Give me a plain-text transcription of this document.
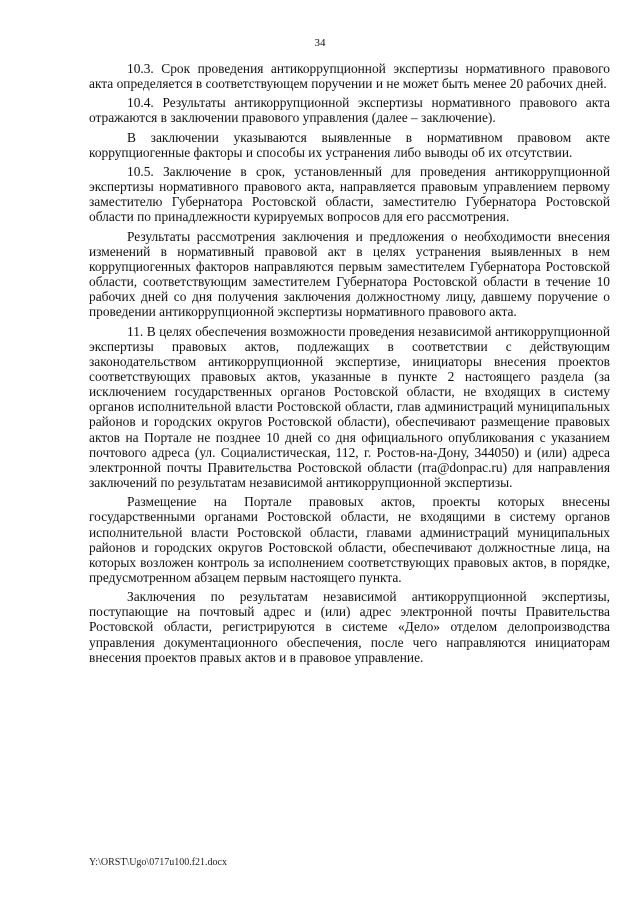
34

10.3. Срок проведения антикоррупционной экспертизы нормативного правового акта определяется в соответствующем поручении и не может быть менее 20 рабочих дней.

10.4. Результаты антикоррупционной экспертизы нормативного правового акта отражаются в заключении правового управления (далее – заключение).

В заключении указываются выявленные в нормативном правовом акте коррупциогенные факторы и способы их устранения либо выводы об их отсутствии.

10.5. Заключение в срок, установленный для проведения антикоррупционной экспертизы нормативного правового акта, направляется правовым управлением первому заместителю Губернатора Ростовской области, заместителю Губернатора Ростовской области по принадлежности курируемых вопросов для его рассмотрения.

Результаты рассмотрения заключения и предложения о необходимости внесения изменений в нормативный правовой акт в целях устранения выявленных в нем коррупциогенных факторов направляются первым заместителем Губернатора Ростовской области, соответствующим заместителем Губернатора Ростовской области в течение 10 рабочих дней со дня получения заключения должностному лицу, давшему поручение о проведении антикоррупционной экспертизы нормативного правового акта.

11. В целях обеспечения возможности проведения независимой антикоррупционной экспертизы правовых актов, подлежащих в соответствии с действующим законодательством антикоррупционной экспертизе, инициаторы внесения проектов соответствующих правовых актов, указанные в пункте 2 настоящего раздела (за исключением государственных органов Ростовской области, не входящих в систему органов исполнительной власти Ростовской области, глав администраций муниципальных районов и городских округов Ростовской области), обеспечивают размещение правовых актов на Портале не позднее 10 дней со дня официального опубликования с указанием почтового адреса (ул. Социалистическая, 112, г. Ростов-на-Дону, 344050) и (или) адреса электронной почты Правительства Ростовской области (rra@donpac.ru) для направления заключений по результатам независимой антикоррупционной экспертизы.

Размещение на Портале правовых актов, проекты которых внесены государственными органами Ростовской области, не входящими в систему органов исполнительной власти Ростовской области, главами администраций муниципальных районов и городских округов Ростовской области, обеспечивают должностные лица, на которых возложен контроль за исполнением соответствующих правовых актов, в порядке, предусмотренном абзацем первым настоящего пункта.

Заключения по результатам независимой антикоррупционной экспертизы, поступающие на почтовый адрес и (или) адрес электронной почты Правительства Ростовской области, регистрируются в системе «Дело» отделом делопроизводства управления документационного обеспечения, после чего направляются инициаторам внесения проектов правых актов и в правовое управление.

Y:\ORST\Ugo\0717u100.f21.docx
